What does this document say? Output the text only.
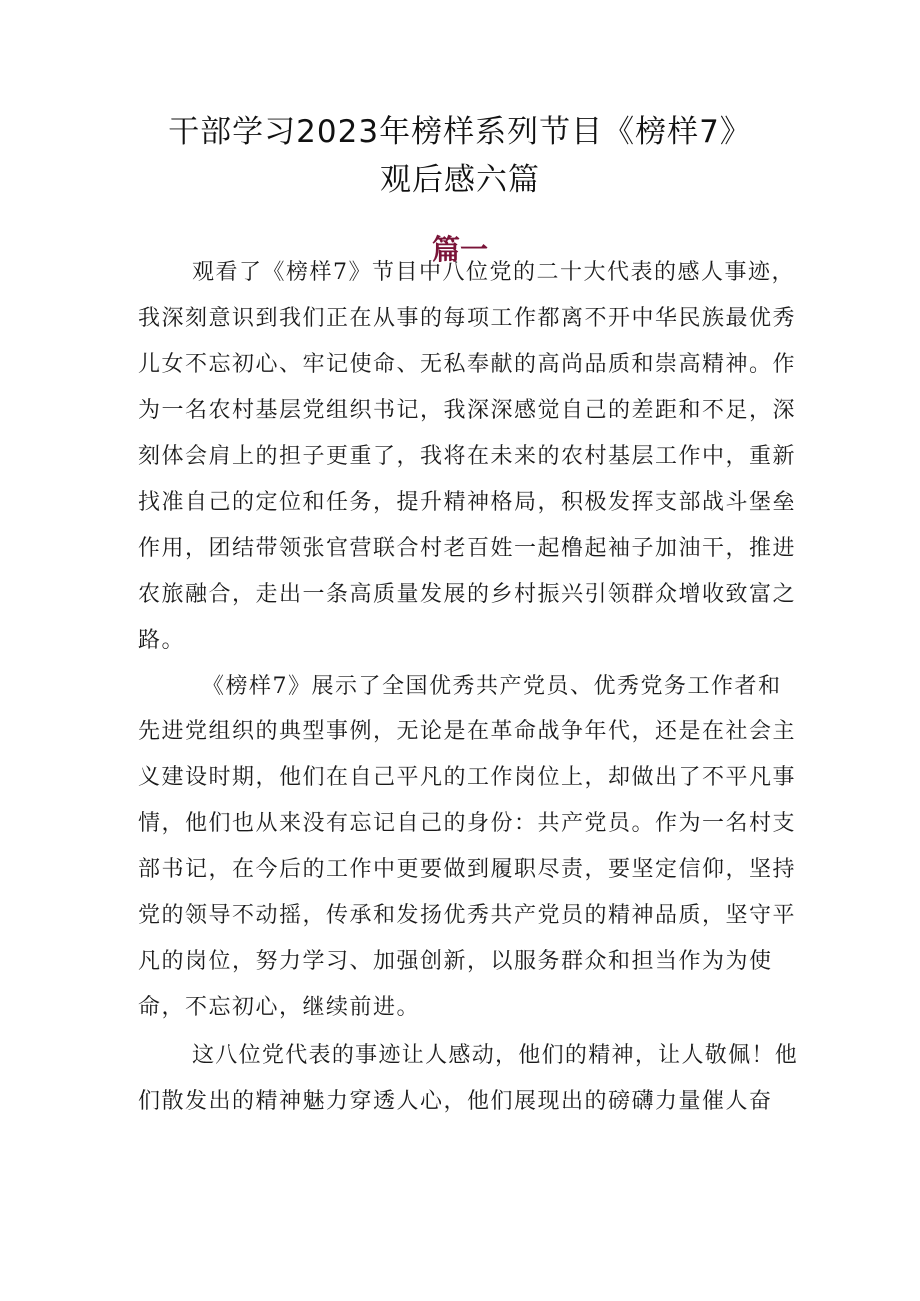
干部学习2023年榜样系列节目《榜样7》
观后感六篇
篇一
观看了《榜样7》节目中八位党的二十大代表的感人事迹，
我深刻意识到我们正在从事的每项工作都离不开中华民族最优秀
儿女不忘初心、牢记使命、无私奉献的高尚品质和崇高精神。作
为一名农村基层党组织书记，我深深感觉自己的差距和不足，深
刻体会肩上的担子更重了，我将在未来的农村基层工作中，重新
找准自己的定位和任务，提升精神格局，积极发挥支部战斗堡垒
作用，团结带领张官营联合村老百姓一起橹起袖子加油干，推进
农旅融合，走出一条高质量发展的乡村振兴引领群众增收致富之
路。
《榜样7》展示了全国优秀共产党员、优秀党务工作者和
先进党组织的典型事例，无论是在革命战争年代，还是在社会主
义建设时期，他们在自己平凡的工作岗位上，却做出了不平凡事
情，他们也从来没有忘记自己的身份：共产党员。作为一名村支
部书记，在今后的工作中更要做到履职尽责，要坚定信仰，坚持
党的领导不动摇，传承和发扬优秀共产党员的精神品质，坚守平
凡的岗位，努力学习、加强创新，以服务群众和担当作为为使
命，不忘初心，继续前进。
这八位党代表的事迹让人感动，他们的精神，让人敬佩！他
们散发出的精神魅力穿透人心，他们展现出的磅礴力量催人奋
